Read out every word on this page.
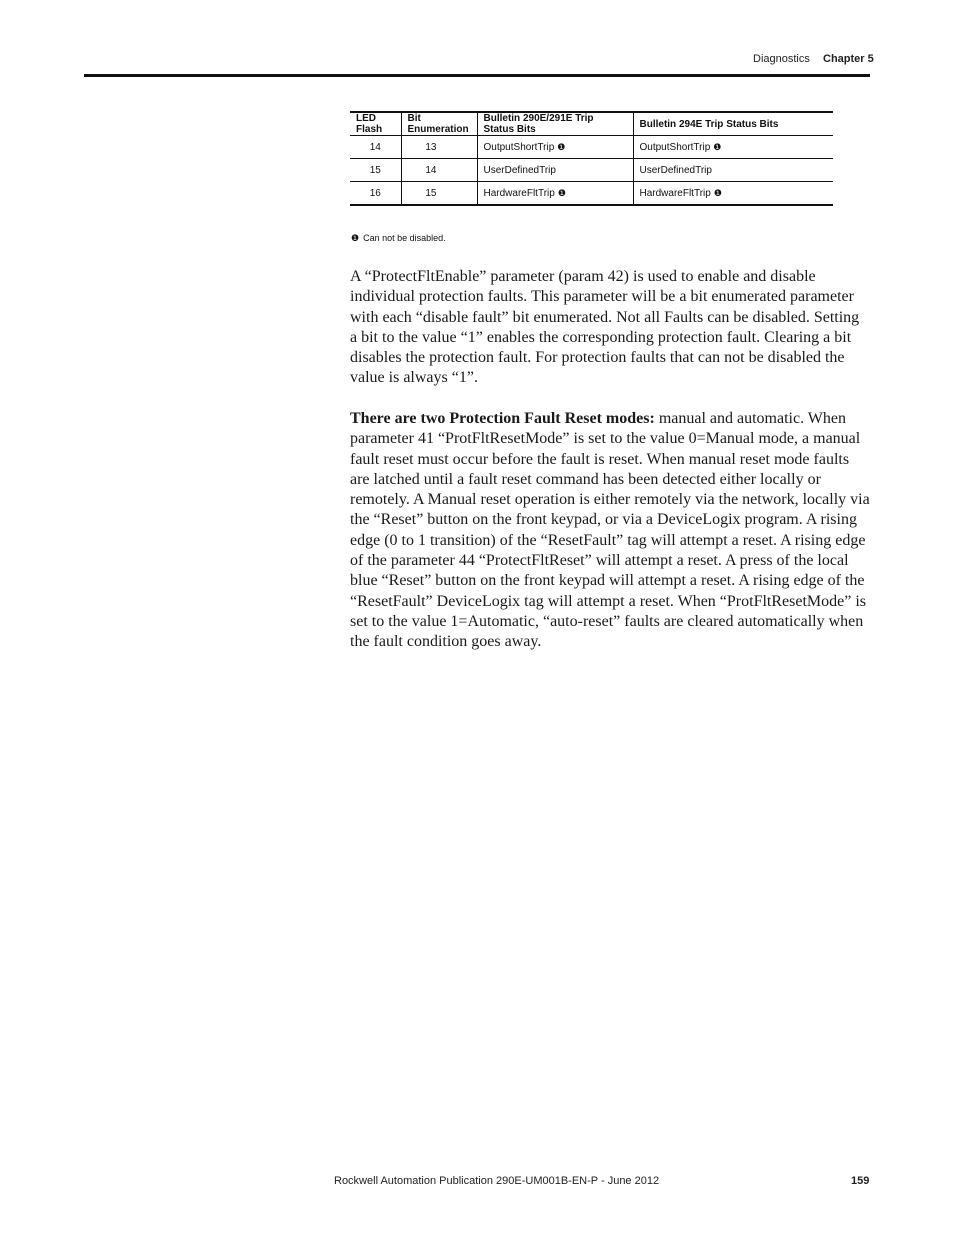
Diagnostics Chapter 5
LED Flash	Bit Enumeration	Bulletin 290E/291E Trip Status Bits	Bulletin 294E Trip Status Bits
14	13	OutputShortTrip ❶	OutputShortTrip ❶
15	14	UserDefinedTrip	UserDefinedTrip
16	15	HardwareFltTrip ❶	HardwareFltTrip ❶
❶ Can not be disabled.

A “ProtectFltEnable” parameter (param 42) is used to enable and disable individual protection faults. This parameter will be a bit enumerated parameter with each “disable fault” bit enumerated. Not all Faults can be disabled. Setting a bit to the value “1” enables the corresponding protection fault. Clearing a bit disables the protection fault. For protection faults that can not be disabled the value is always “1”.

There are two Protection Fault Reset modes: manual and automatic. When parameter 41 “ProtFltResetMode” is set to the value 0=Manual mode, a manual fault reset must occur before the fault is reset. When manual reset mode faults are latched until a fault reset command has been detected either locally or remotely. A Manual reset operation is either remotely via the network, locally via the “Reset” button on the front keypad, or via a DeviceLogix program. A rising edge (0 to 1 transition) of the “ResetFault” tag will attempt a reset. A rising edge of the parameter 44 “ProtectFltReset” will attempt a reset. A press of the local blue “Reset” button on the front keypad will attempt a reset. A rising edge of the “ResetFault” DeviceLogix tag will attempt a reset. When “ProtFltResetMode” is set to the value 1=Automatic, “auto-reset” faults are cleared automatically when the fault condition goes away.

Rockwell Automation Publication 290E-UM001B-EN-P - June 2012	159
